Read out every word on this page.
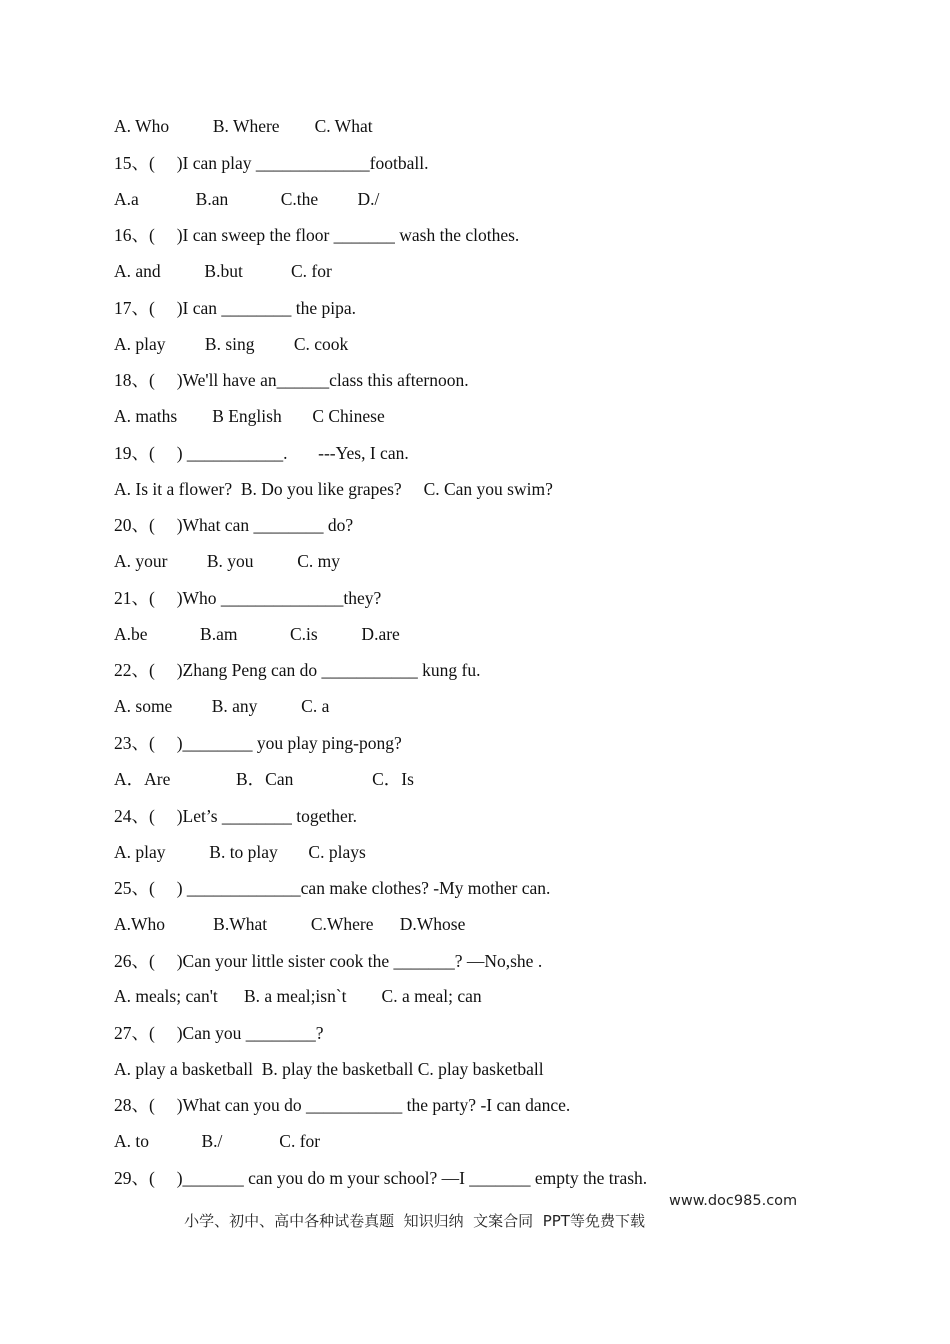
A. Who          B. Where        C. What
15、(     )I can play _____________football.
A.a             B.an            C.the         D./
16、(     )I can sweep the floor _______ wash the clothes.
A. and          B.but           C. for
17、(     )I can ________ the pipa.
A. play         B. sing         C. cook
18、(     )We'll have an______class this afternoon.
A. maths        B English       C Chinese
19、(     ) ___________.       ---Yes, I can.
A. Is it a flower?  B. Do you like grapes?     C. Can you swim?
20、(     )What can ________ do?
A. your         B. you          C. my
21、(     )Who ______________they?
A.be            B.am            C.is          D.are
22、(     )Zhang Peng can do ___________ kung fu.
A. some         B. any          C. a
23、(     )________ you play ping-pong?
A．Are               B．Can                  C．Is
24、(     )Let’s ________ together.
A. play          B. to play       C. plays
25、(     ) _____________can make clothes? -My mother can.
A.Who           B.What          C.Where      D.Whose
26、(     )Can your little sister cook the _______? —No,she .
A. meals; can't      B. a meal;isn`t        C. a meal; can
27、(     )Can you ________?
A. play a basketball  B. play the basketball C. play basketball
28、(     )What can you do ___________ the party? -I can dance.
A. to            B./             C. for
29、(     )_______ can you do m your school? —I _______ empty the trash.

小学、初中、高中各种试卷真题  知识归纳  文案合同  PPT等免费下载

www.doc985.com
